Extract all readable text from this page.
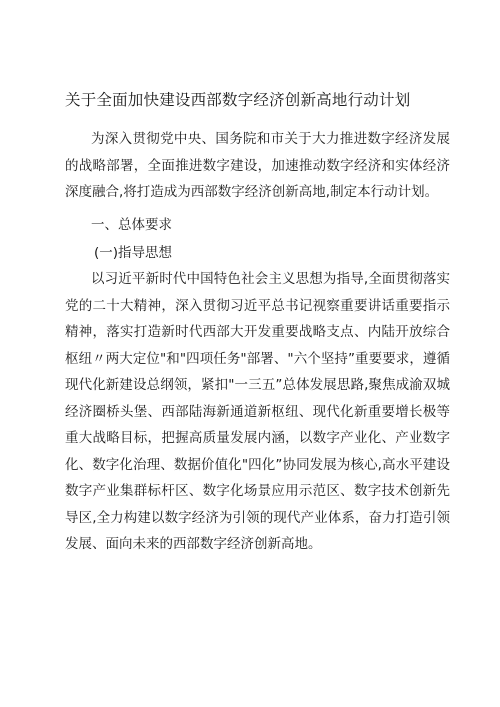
关于全面加快建设西部数字经济创新高地行动计划
为深入贯彻党中央、国务院和市关于大力推进数字经济发展的战略部署，全面推进数字建设，加速推动数字经济和实体经济深度融合,将打造成为西部数字经济创新高地,制定本行动计划。
一、总体要求
(一)指导思想
以习近平新时代中国特色社会主义思想为指导,全面贯彻落实党的二十大精神，深入贯彻习近平总书记视察重要讲话重要指示精神，落实打造新时代西部大开发重要战略支点、内陆开放综合枢纽〃两大定位"和"四项任务"部署、"六个坚持”重要要求，遵循现代化新建设总纲领，紧扣"一三五”总体发展思路,聚焦成渝双城经济圈桥头堡、西部陆海新通道新枢纽、现代化新重要增长极等重大战略目标，把握高质量发展内涵，以数字产业化、产业数字化、数字化治理、数据价值化"四化”协同发展为核心,高水平建设数字产业集群标杆区、数字化场景应用示范区、数字技术创新先导区,全力构建以数字经济为引领的现代产业体系，奋力打造引领发展、面向未来的西部数字经济创新高地。
